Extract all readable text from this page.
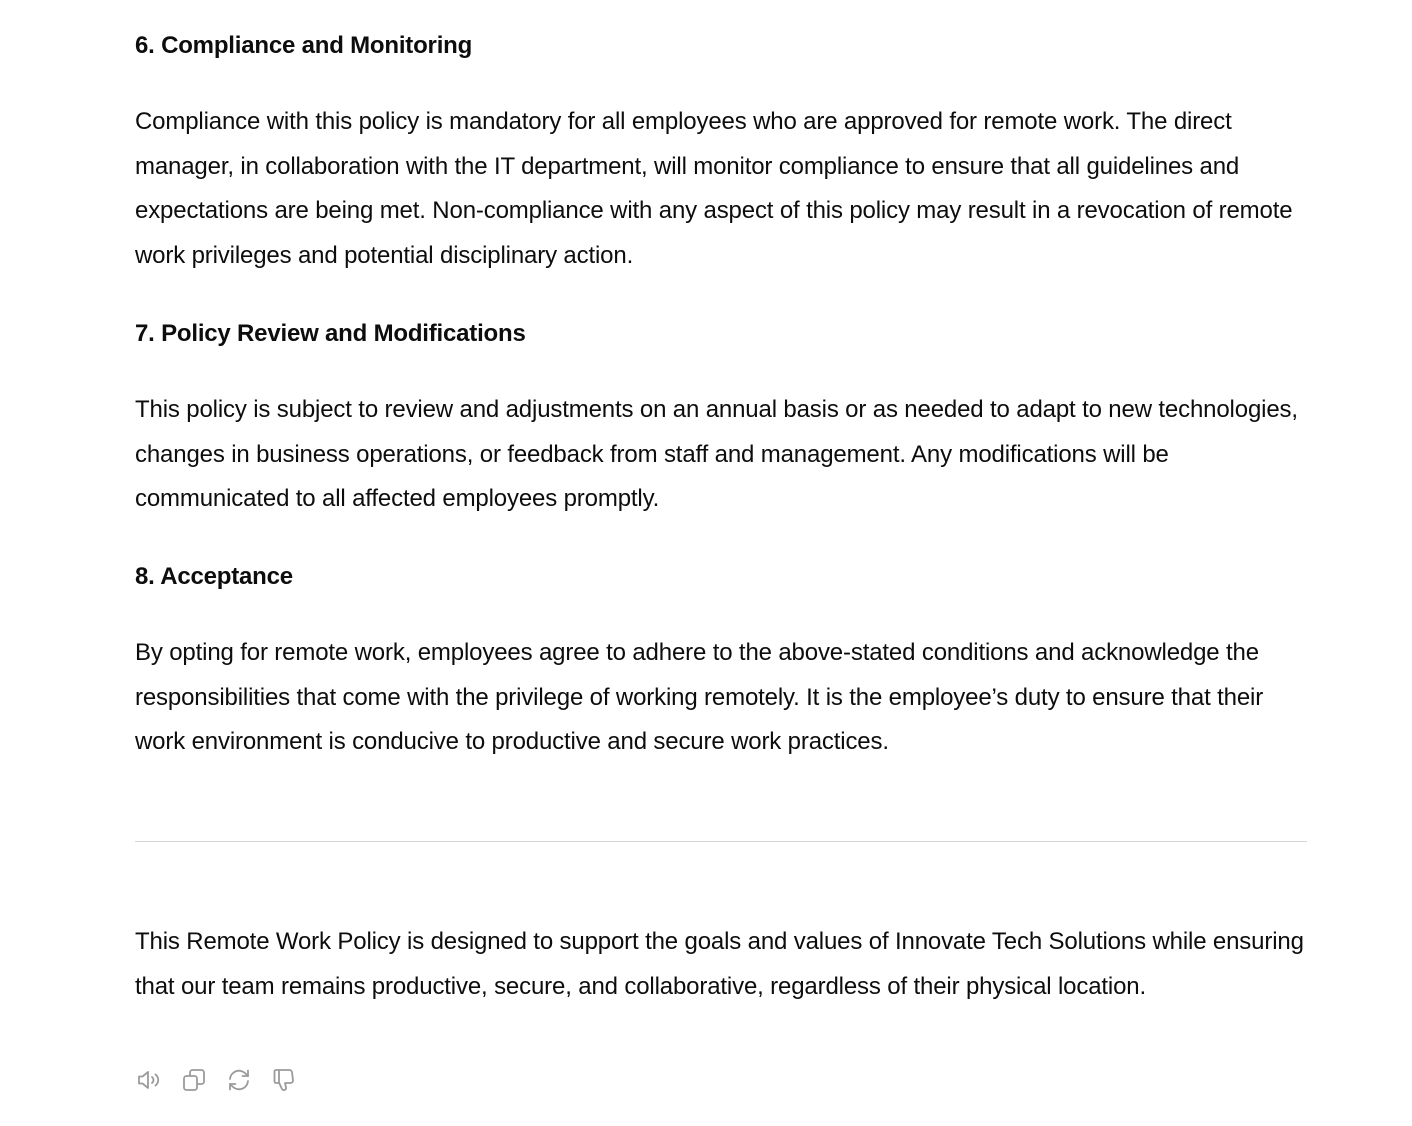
6. Compliance and Monitoring

Compliance with this policy is mandatory for all employees who are approved for remote work. The direct manager, in collaboration with the IT department, will monitor compliance to ensure that all guidelines and expectations are being met. Non-compliance with any aspect of this policy may result in a revocation of remote work privileges and potential disciplinary action.

7. Policy Review and Modifications

This policy is subject to review and adjustments on an annual basis or as needed to adapt to new technologies, changes in business operations, or feedback from staff and management. Any modifications will be communicated to all affected employees promptly.

8. Acceptance

By opting for remote work, employees agree to adhere to the above-stated conditions and acknowledge the responsibilities that come with the privilege of working remotely. It is the employee’s duty to ensure that their work environment is conducive to productive and secure work practices.

This Remote Work Policy is designed to support the goals and values of Innovate Tech Solutions while ensuring that our team remains productive, secure, and collaborative, regardless of their physical location.
